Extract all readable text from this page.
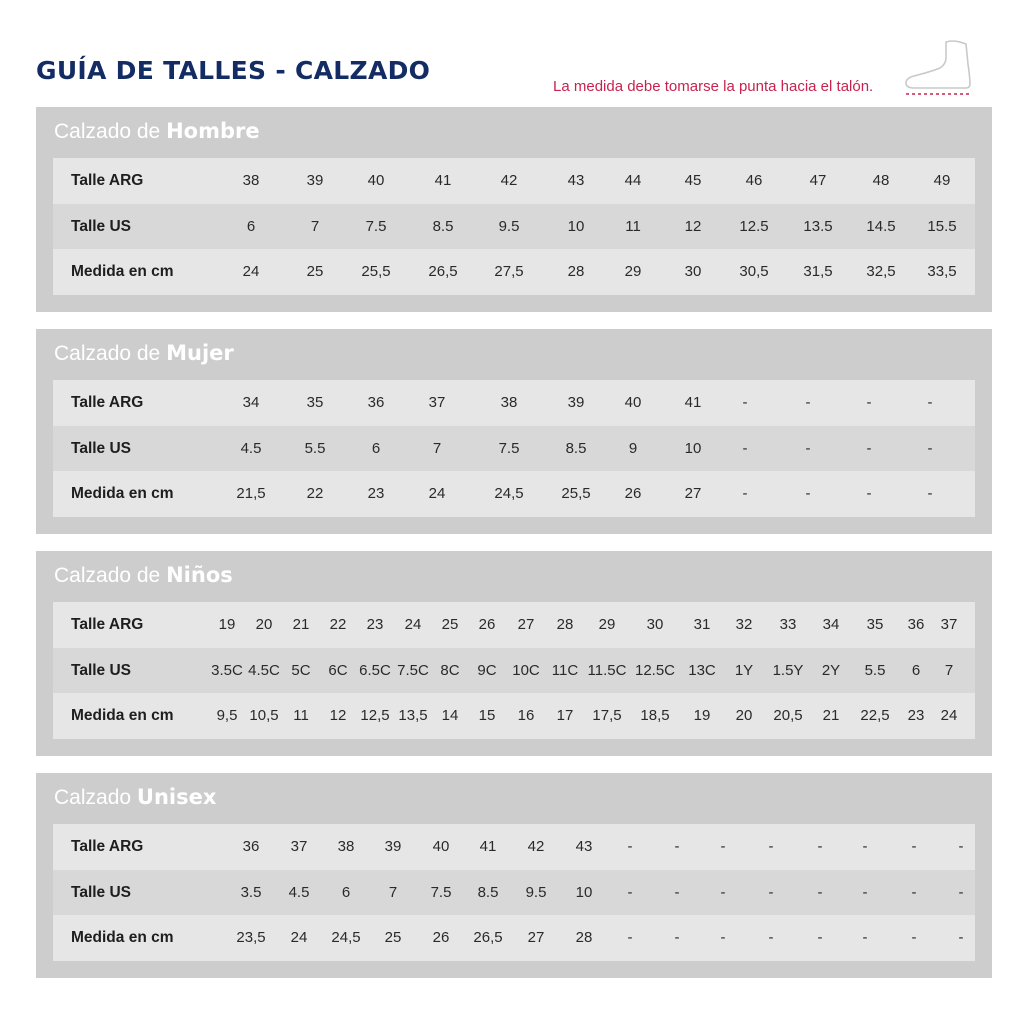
GUÍA DE TALLES - CALZADO
La medida debe tomarse la punta hacia el talón.
Calzado de Hombre
Talle ARG	38	39	40	41	42	43	44	45	46	47	48	49
Talle US	6	7	7.5	8.5	9.5	10	11	12	12.5 13.5 14.5 15.5
Medida en cm	24	25	25,5	26,5 27,5	28	29	30	30,5 31,5 32,5 33,5
Calzado de Mujer
Talle ARG	34	35	36	37	38	39	40	41	-	-	-	-
Talle US	4.5	5.5	6	7	7.5	8.5	9	10	-	-	-	-
Medida en cm	21,5	22	23	24	24,5	25,5 26	27	-	-	-	-
Calzado de Niños
Talle ARG	19 20 21 22 23 24 25 26 27 28 29 30 31 32 33 34 35 36 37
Talle US	3.5C 4.5C 5C 6C 6.5C 7.5C 8C 9C 10C 11C 11.5C 12.5C 13C 1Y 1.5Y 2Y 5.5 6 7
Medida en cm	9,5 10,5 11 12 12,5 13,5 14 15 16 17 17,5 18,5 19 20 20,5 21 22,5 23 24
Calzado Unisex
Talle ARG	36 37 38 39 40 41 42 43 -	-	-	-	-	-	-	-
Talle US	3.5 4.5 6	7 7.5 8.5 9.5 10 -	-	-	-	-	-	-	-
Medida en cm	23,5 24 24,5 25 26 26,5 27 28 -	-	-	-	-	-	-	-
